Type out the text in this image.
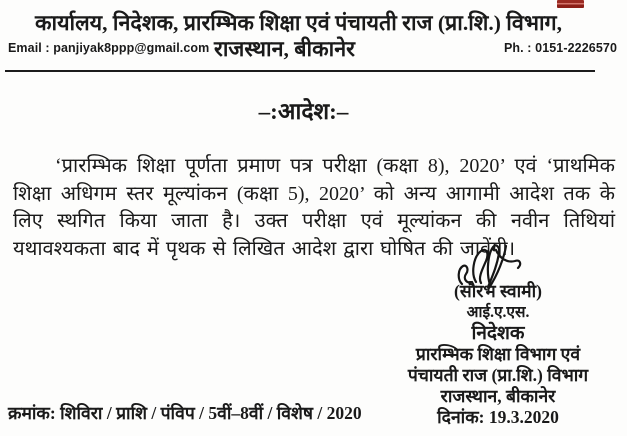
कार्यालय, निदेशक, प्रारम्भिक शिक्षा एवं पंचायती राज (प्रा.शि.) विभाग,
Email : panjiyak8ppp@gmail.com राजस्थान, बीकानेर	Ph. : 0151-2226570
–:आदेश:–
‘प्रारम्भिक शिक्षा पूर्णता प्रमाण पत्र परीक्षा (कक्षा 8), 2020’ एवं ‘प्राथमिक शिक्षा अधिगम स्तर मूल्यांकन (कक्षा 5), 2020’ को अन्य आगामी आदेश तक के लिए स्थगित किया जाता है। उक्त परीक्षा एवं मूल्यांकन की नवीन तिथियां यथावश्यकता बाद में पृथक से लिखित आदेश द्वारा घोषित की जावेंगी।
(सौरभ स्वामी)
आई.ए.एस.
निदेशक
प्रारम्भिक शिक्षा विभाग एवं
पंचायती राज (प्रा.शि.) विभाग
राजस्थान, बीकानेर
दिनांक: 19.3.2020
क्रमांक: शिविरा / प्राशि / पंविप / 5वीं–8वीं / विशेष / 2020
